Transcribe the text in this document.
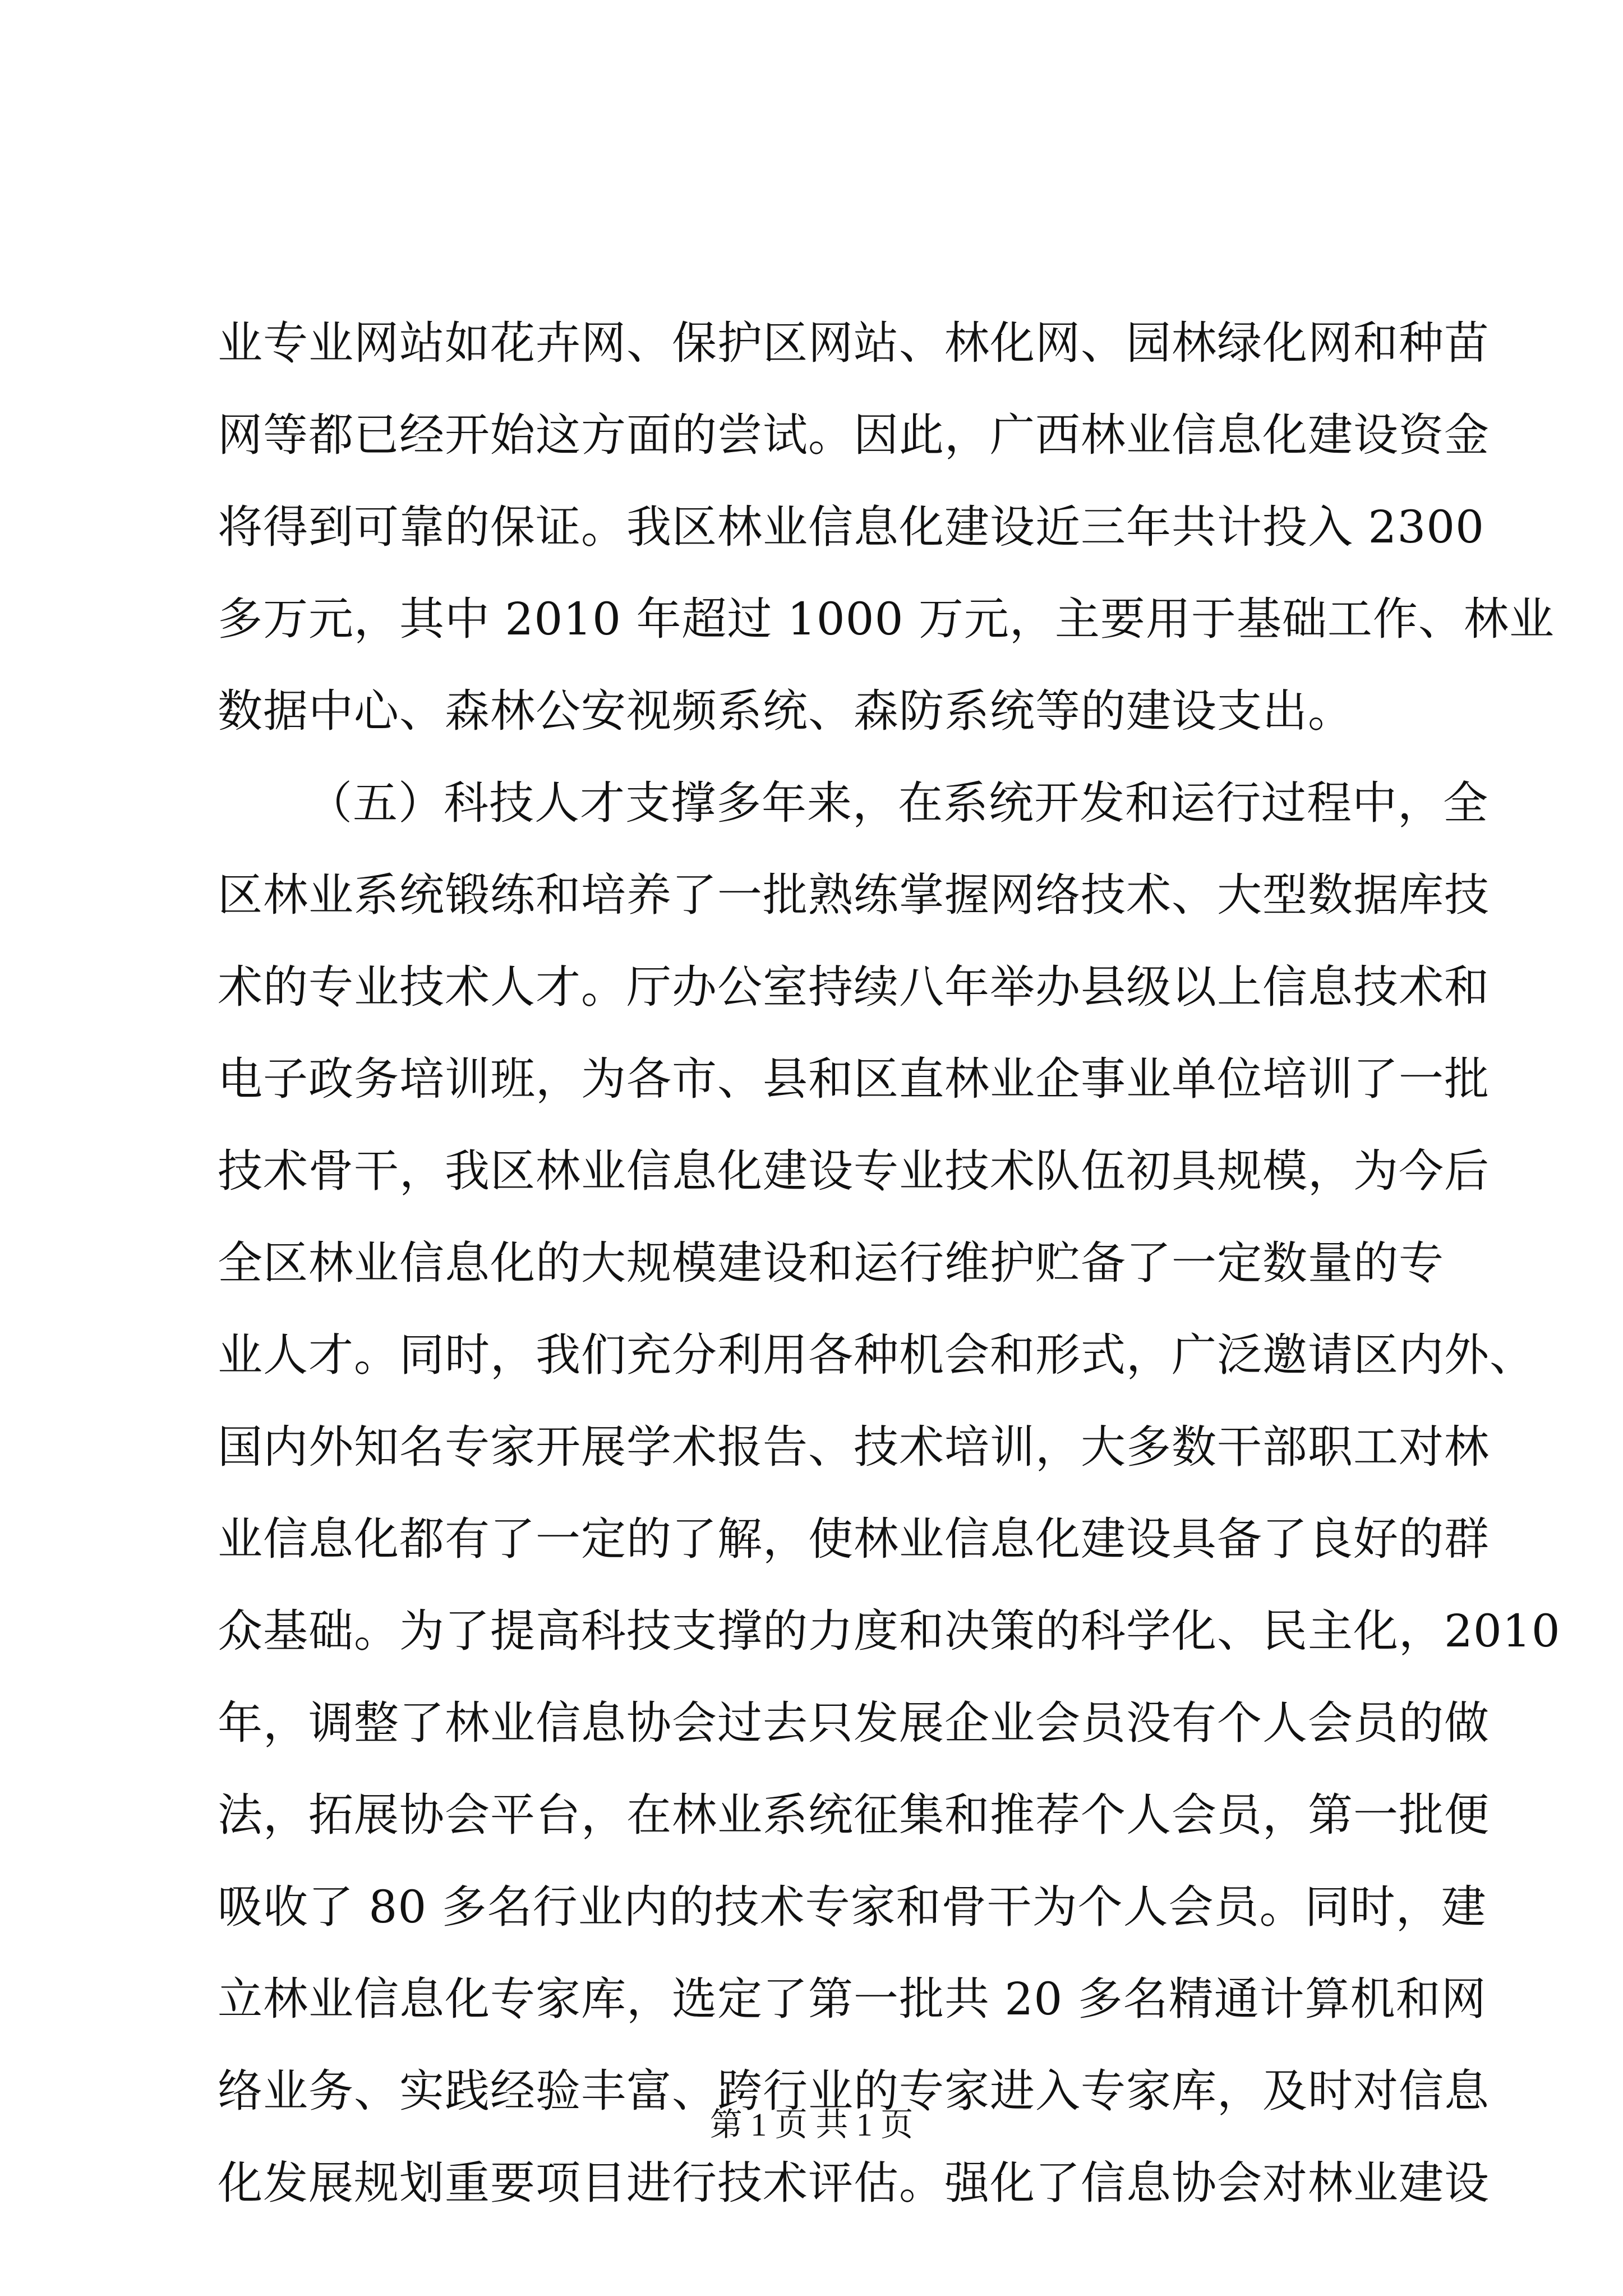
业专业网站如花卉网、保护区网站、林化网、园林绿化网和种苗
网等都已经开始这方面的尝试。因此，广西林业信息化建设资金
将得到可靠的保证。我区林业信息化建设近三年共计投入 2300
多万元，其中 2010 年超过 1000 万元，主要用于基础工作、林业
数据中心、森林公安视频系统、森防系统等的建设支出。
（五）科技人才支撑多年来，在系统开发和运行过程中，全
区林业系统锻练和培养了一批熟练掌握网络技术、大型数据库技
术的专业技术人才。厅办公室持续八年举办县级以上信息技术和
电子政务培训班，为各市、县和区直林业企事业单位培训了一批
技术骨干，我区林业信息化建设专业技术队伍初具规模，为今后
全区林业信息化的大规模建设和运行维护贮备了一定数量的专
业人才。同时，我们充分利用各种机会和形式，广泛邀请区内外、
国内外知名专家开展学术报告、技术培训，大多数干部职工对林
业信息化都有了一定的了解，使林业信息化建设具备了良好的群
众基础。为了提高科技支撑的力度和决策的科学化、民主化，2010
年，调整了林业信息协会过去只发展企业会员没有个人会员的做
法，拓展协会平台，在林业系统征集和推荐个人会员，第一批便
吸收了 80 多名行业内的技术专家和骨干为个人会员。同时，建
立林业信息化专家库，选定了第一批共 20 多名精通计算机和网
络业务、实践经验丰富、跨行业的专家进入专家库，及时对信息
化发展规划重要项目进行技术评估。强化了信息协会对林业建设
第 1 页 共 1 页
